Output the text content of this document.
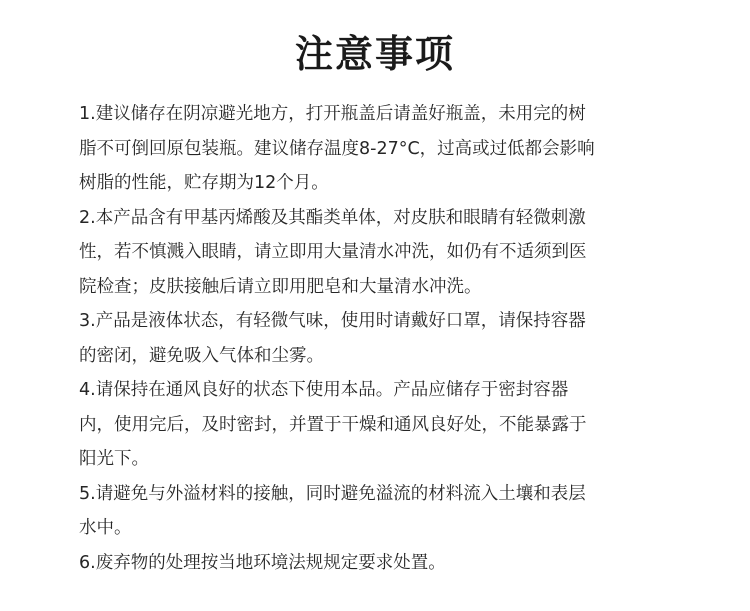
注意事项
1.建议储存在阴凉避光地方，打开瓶盖后请盖好瓶盖，未用完的树
脂不可倒回原包装瓶。建议储存温度8-27°C，过高或过低都会影响
树脂的性能，贮存期为12个月。
2.本产品含有甲基丙烯酸及其酯类单体，对皮肤和眼睛有轻微刺激
性，若不慎溅入眼睛，请立即用大量清水冲洗，如仍有不适须到医
院检查；皮肤接触后请立即用肥皂和大量清水冲洗。
3.产品是液体状态，有轻微气味，使用时请戴好口罩，请保持容器
的密闭，避免吸入气体和尘雾。
4.请保持在通风良好的状态下使用本品。产品应储存于密封容器
内，使用完后，及时密封，并置于干燥和通风良好处，不能暴露于
阳光下。
5.请避免与外溢材料的接触，同时避免溢流的材料流入土壤和表层
水中。
6.废弃物的处理按当地环境法规规定要求处置。
